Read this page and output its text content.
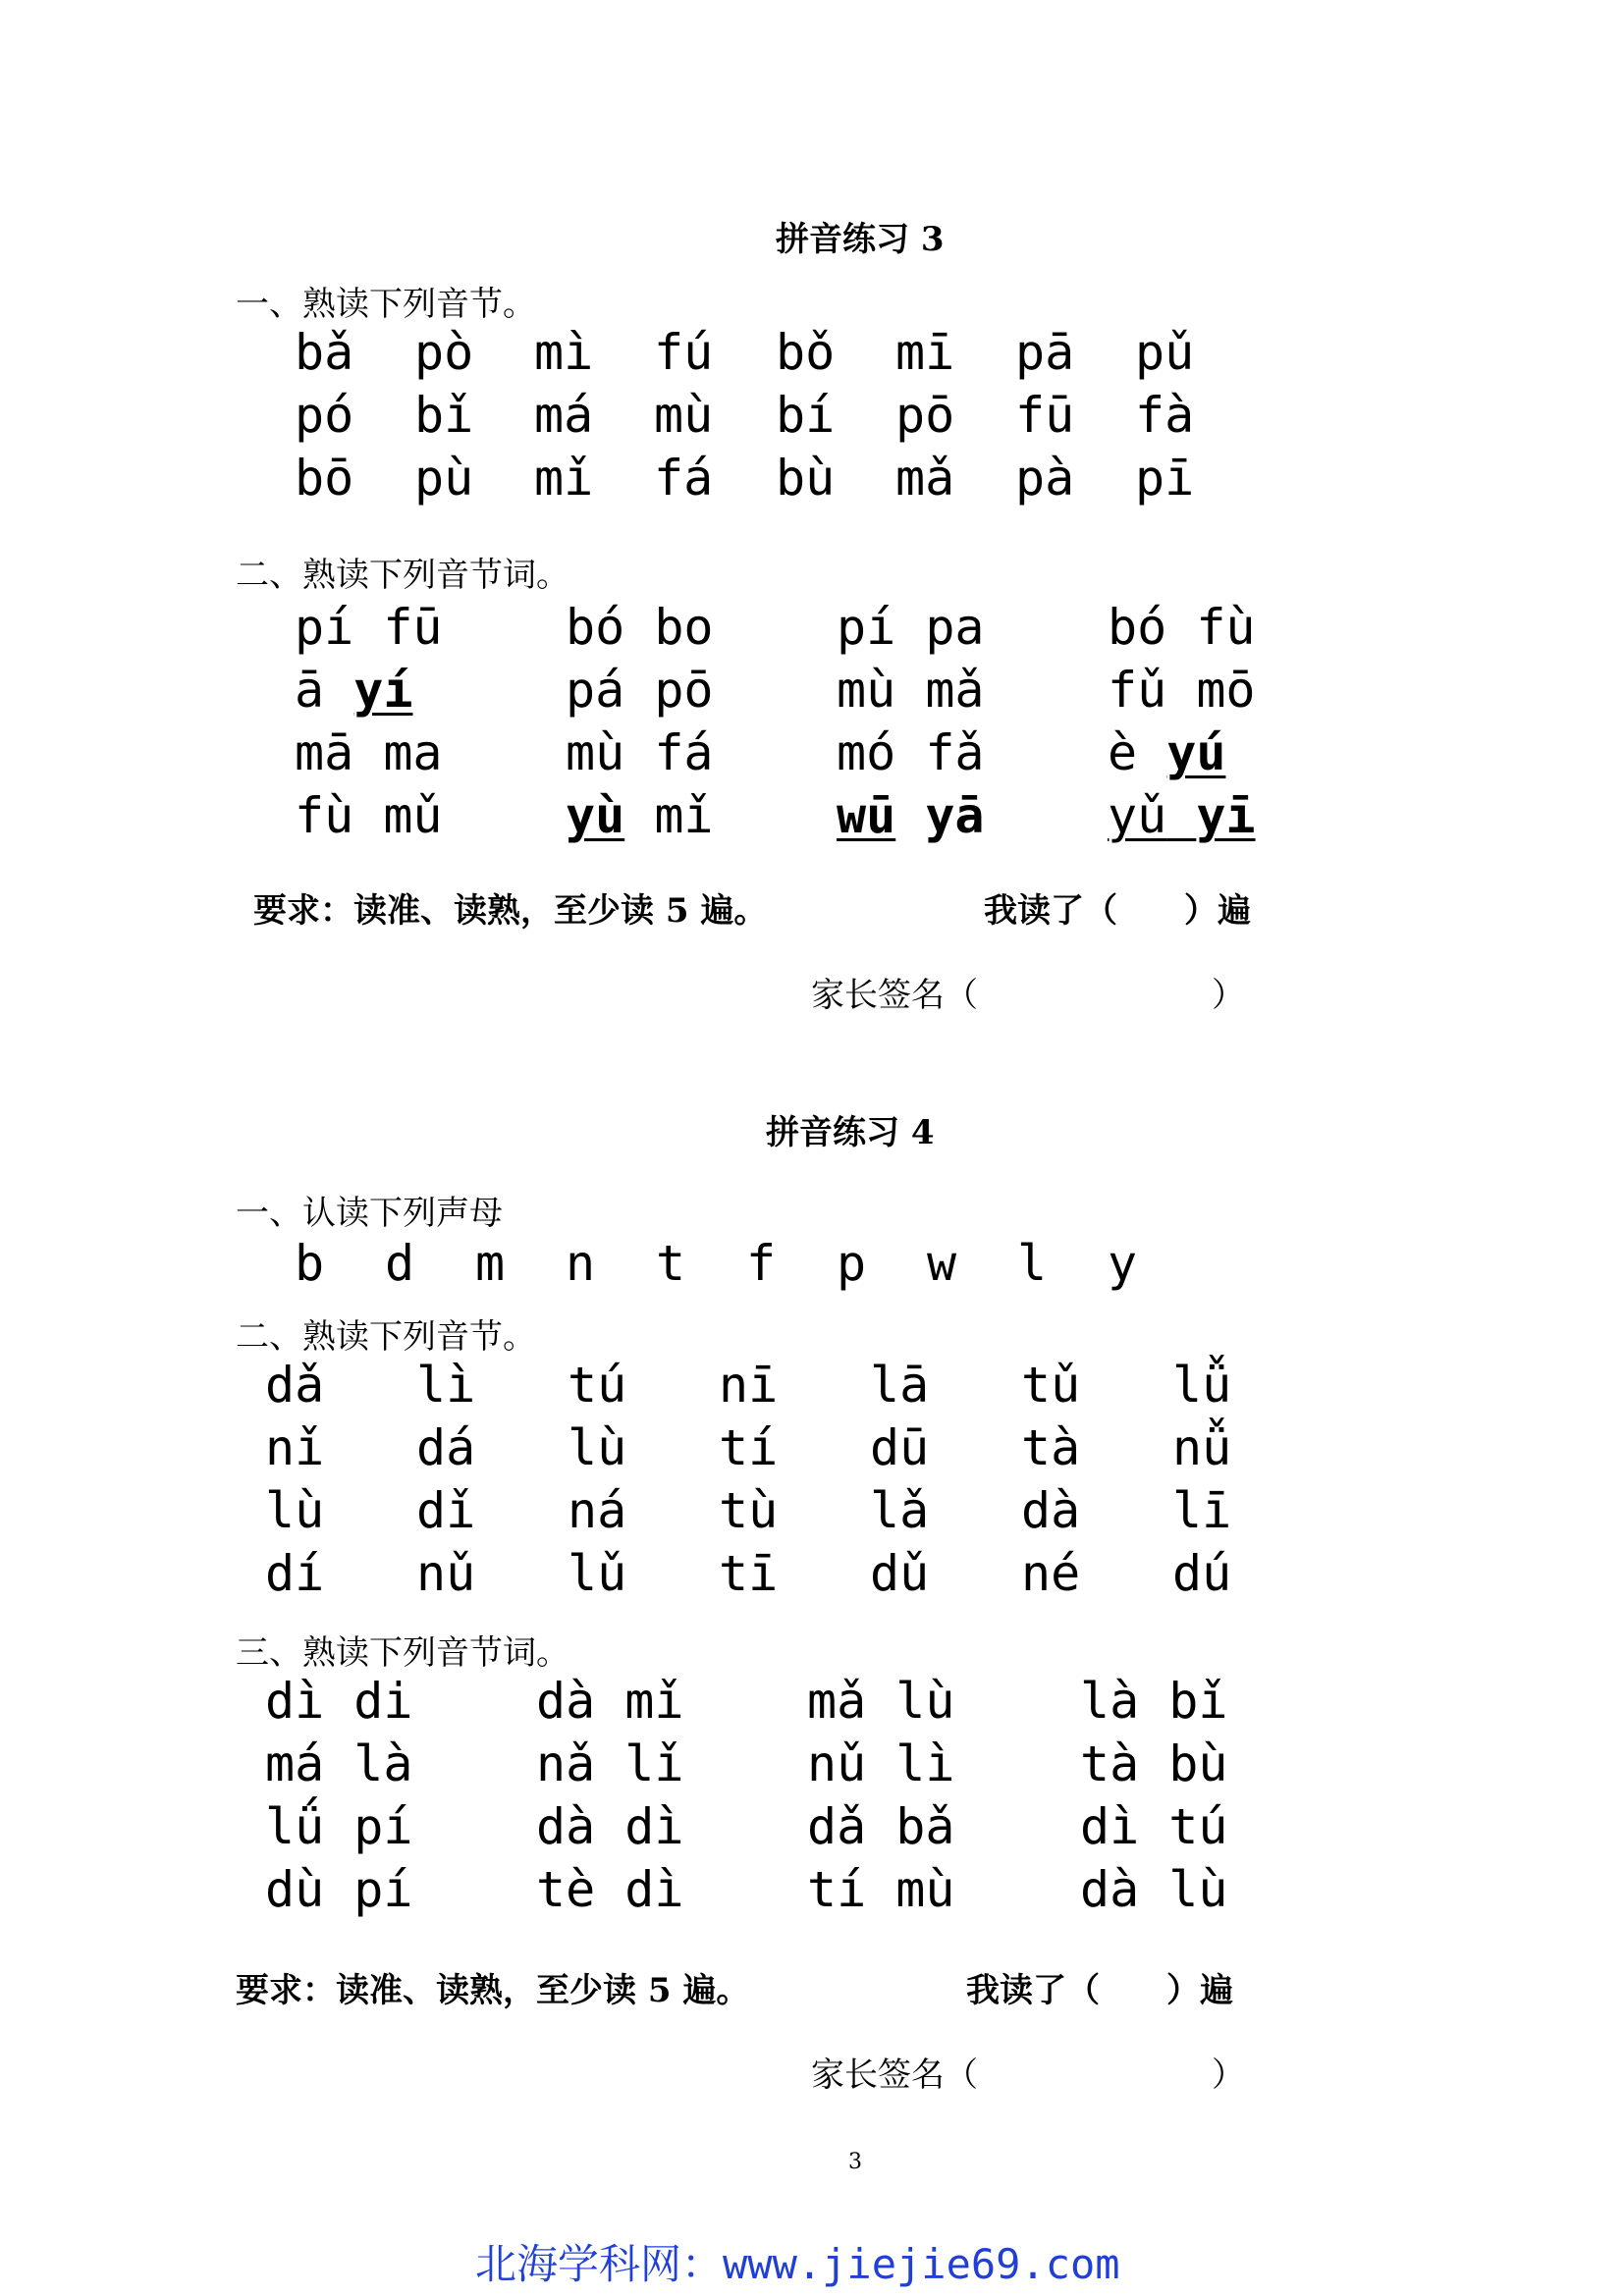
拼音练习 3
一、熟读下列音节。
bǎ pò mì fú bǒ mī pā pǔ
pó bǐ má mù bí pō fū fà
bō pù mǐ fá bù mǎ pà pī
二、熟读下列音节词。
pí fū	bó bo	pí pa	bó fù
ā yí	pá pō	mù mǎ	fǔ mō
mā ma	mù fá	mó fǎ	è yú
fù mǔ	yù mǐ	wū yā	yǔ yī
要求：读准、读熟，至少读 5 遍。	我读了（　　）遍
家长签名（　　　　　　　）
拼音练习 4
一、认读下列声母
b d m n t f p w l y
二、熟读下列音节。
dǎ lì tú nī lā tǔ lǚ
nǐ dá lù tí dū tà nǚ
lù dǐ ná tù lǎ dà lī
dí nǔ lǔ tī dǔ né dú
三、熟读下列音节词。
dì di	dà mǐ	mǎ lù	là bǐ
má là	nǎ lǐ	nǔ lì	tà bù
lǘ pí	dà dì	dǎ bǎ	dì tú
dù pí	tè dì	tí mù	dà lù
要求：读准、读熟，至少读 5 遍。	我读了（　　）遍
家长签名（　　　　　　　）
3
北海学科网：www.jiejie69.com
